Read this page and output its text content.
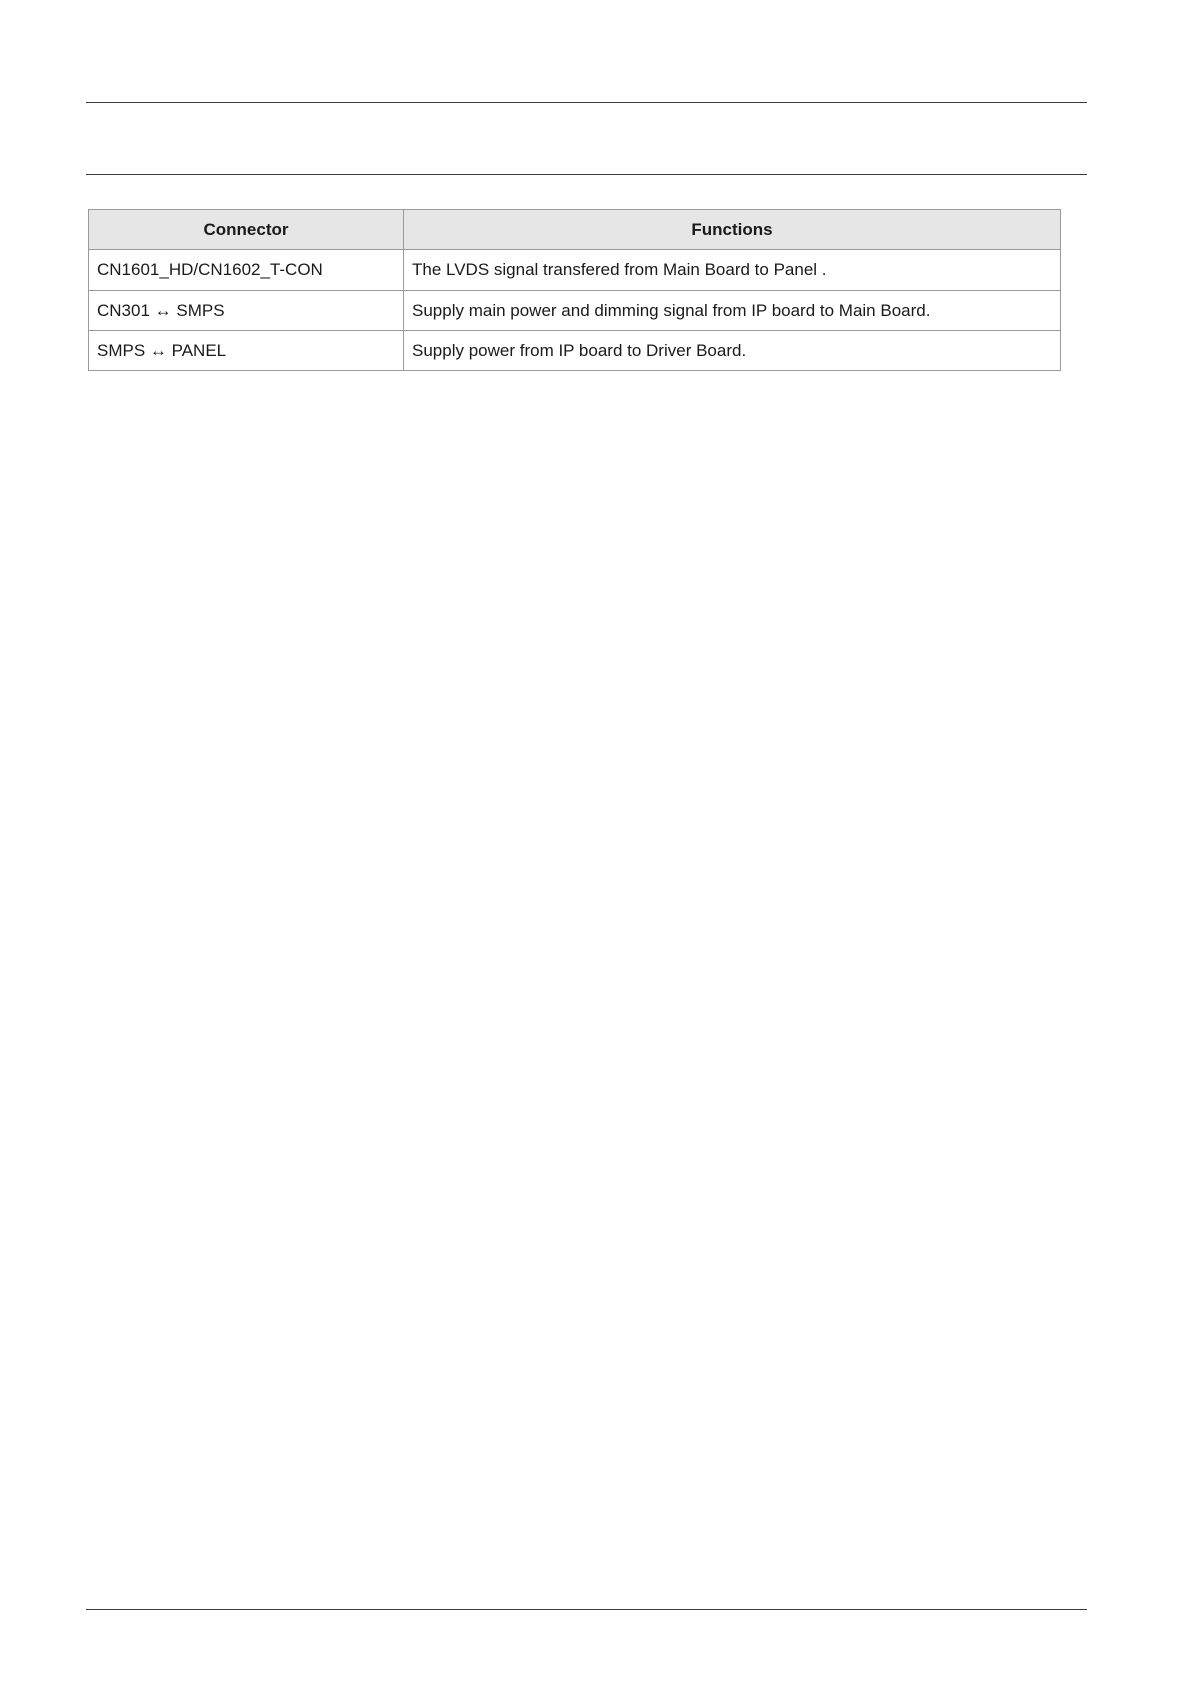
Connector	Functions
CN1601_HD/CN1602_T-CON	The LVDS signal transfered from Main Board to Panel .
CN301 ↔ SMPS	Supply main power and dimming signal from IP board to Main Board.
SMPS ↔ PANEL	Supply power from IP board to Driver Board.
